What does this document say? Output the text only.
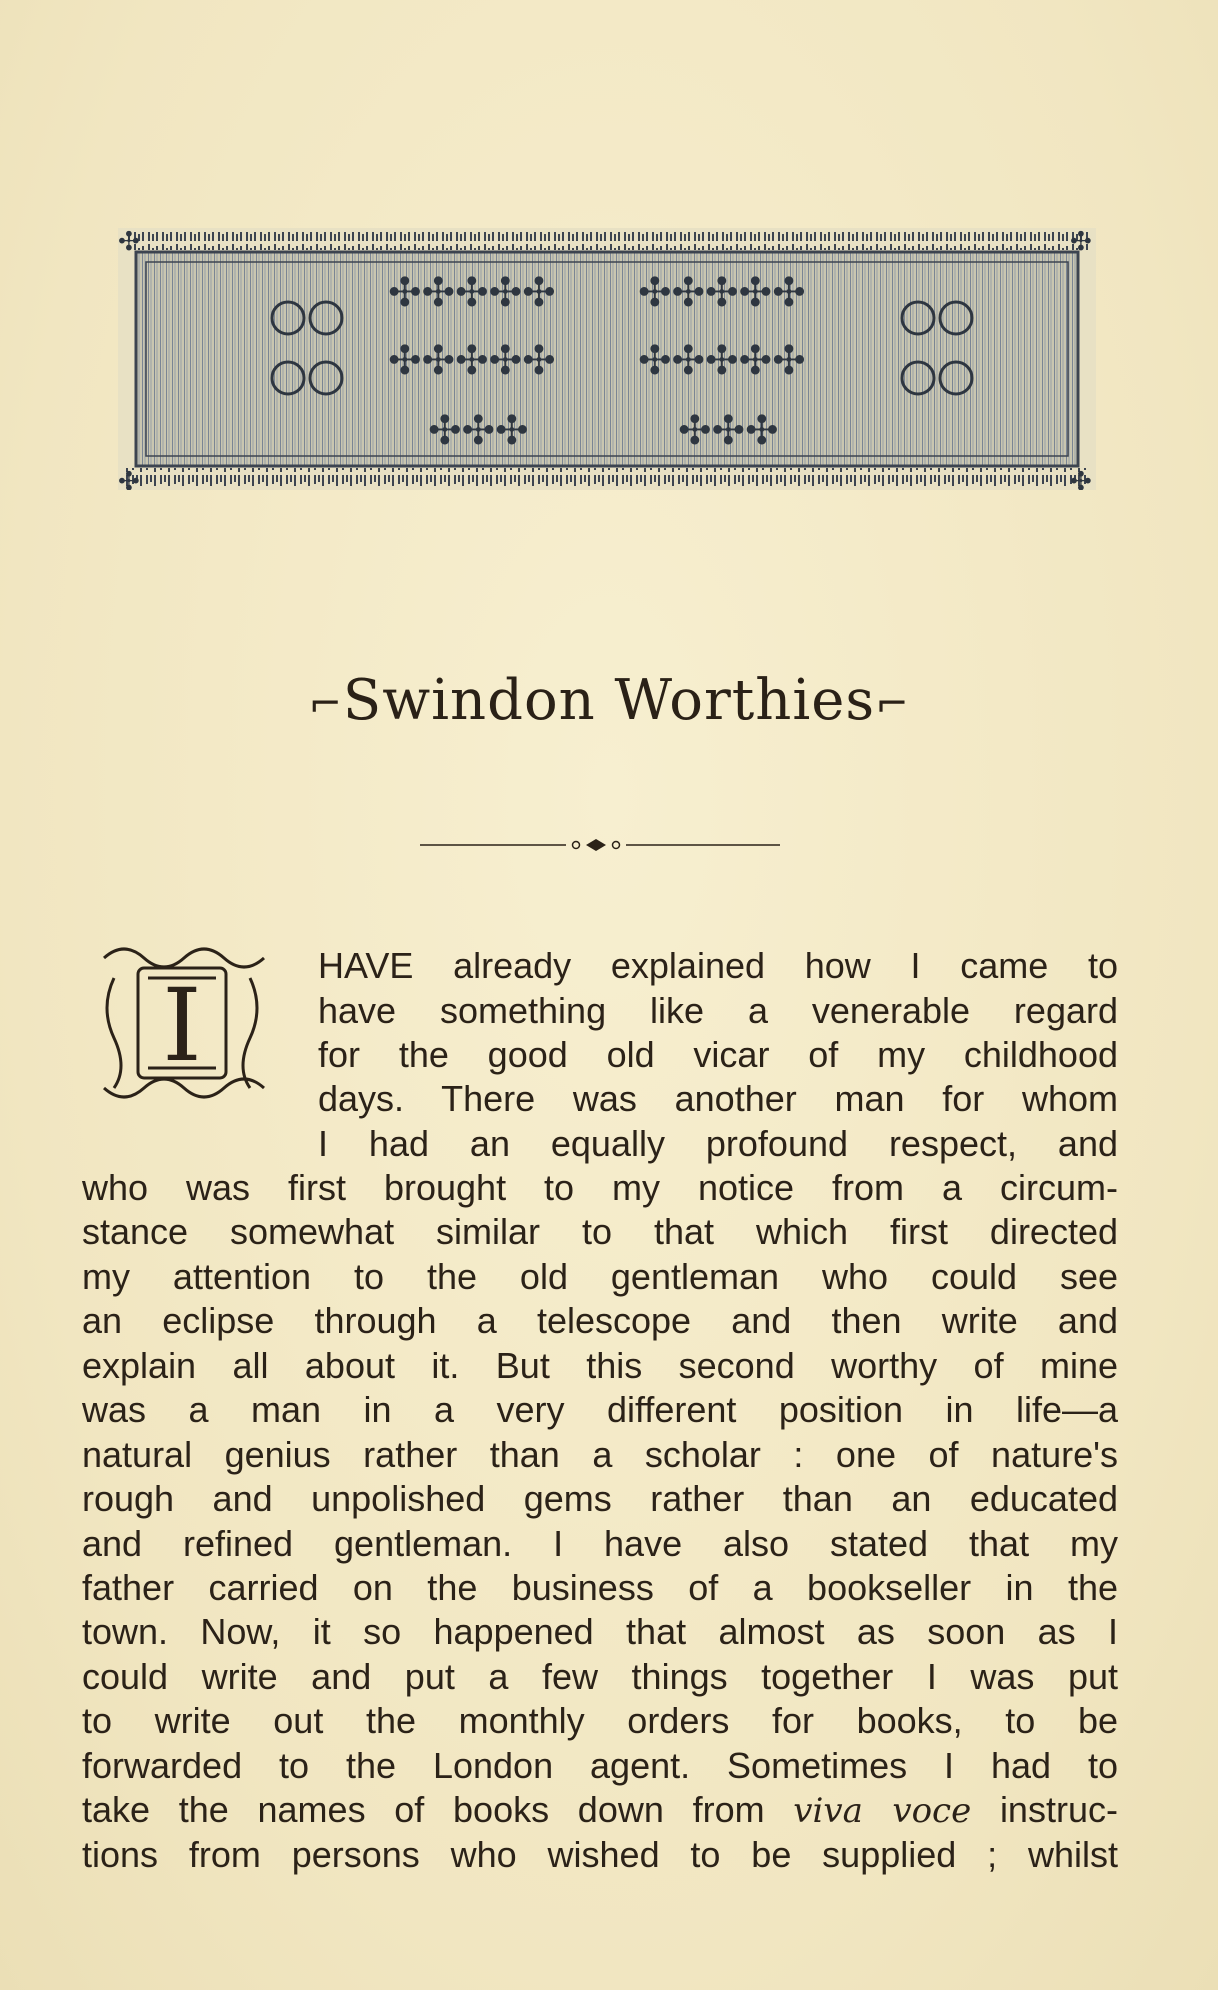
✣✣✣✣✣
✣✣✣✣✣
✣✣✣
✣✣✣✣✣
✣✣✣✣✣
✣✣✣
✣	✣
✣	✣
⌐Swindon Worthies⌐
I
HAVE already explained how I came to
have something like a venerable regard
for the good old vicar of my childhood
days. There was another man for whom
I had an equally profound respect, and
who was first brought to my notice from a circum-
stance somewhat similar to that which first directed
my attention to the old gentleman who could see
an eclipse through a telescope and then write and
explain all about it. But this second worthy of mine
was a man in a very different position in life—a
natural genius rather than a scholar : one of nature's
rough and unpolished gems rather than an educated
and refined gentleman. I have also stated that my
father carried on the business of a bookseller in the
town. Now, it so happened that almost as soon as I
could write and put a few things together I was put
to write out the monthly orders for books, to be
forwarded to the London agent. Sometimes I had to
take the names of books down from viva voce instruc-
tions from persons who wished to be supplied ; whilst
